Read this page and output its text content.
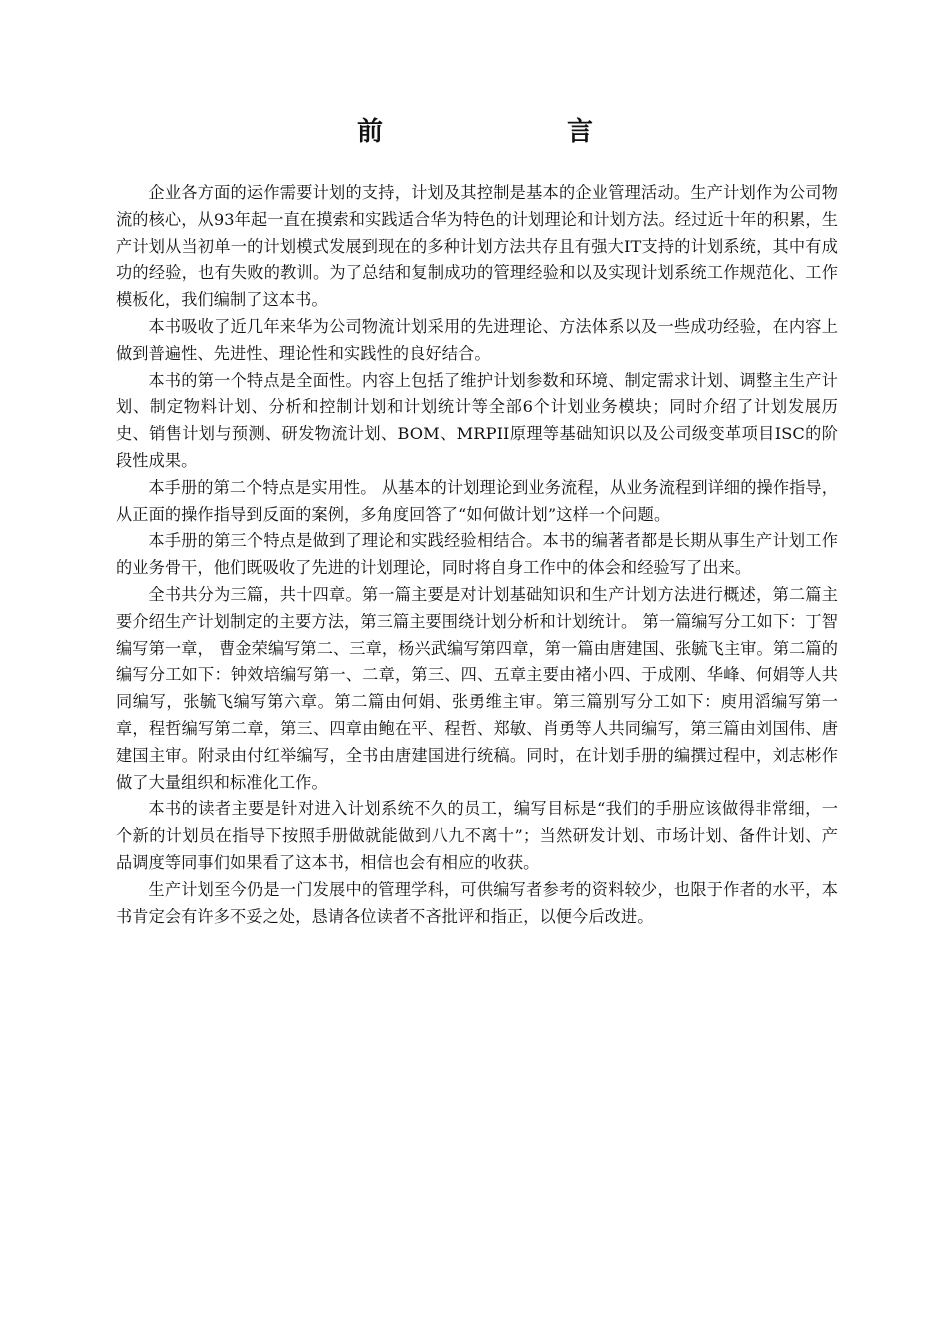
前	言

企业各方面的运作需要计划的支持，计划及其控制是基本的企业管理活动。生产计划作为公司物流的核心，从93年起一直在摸索和实践适合华为特色的计划理论和计划方法。经过近十年的积累，生产计划从当初单一的计划模式发展到现在的多种计划方法共存且有强大IT支持的计划系统，其中有成功的经验，也有失败的教训。为了总结和复制成功的管理经验和以及实现计划系统工作规范化、工作模板化，我们编制了这本书。

本书吸收了近几年来华为公司物流计划采用的先进理论、方法体系以及一些成功经验，在内容上做到普遍性、先进性、理论性和实践性的良好结合。

本书的第一个特点是全面性。内容上包括了维护计划参数和环境、制定需求计划、调整主生产计划、制定物料计划、分析和控制计划和计划统计等全部6个计划业务模块；同时介绍了计划发展历史、销售计划与预测、研发物流计划、BOM、MRPII原理等基础知识以及公司级变革项目ISC的阶段性成果。

本手册的第二个特点是实用性。 从基本的计划理论到业务流程，从业务流程到详细的操作指导，从正面的操作指导到反面的案例，多角度回答了“如何做计划”这样一个问题。

本手册的第三个特点是做到了理论和实践经验相结合。本书的编著者都是长期从事生产计划工作的业务骨干，他们既吸收了先进的计划理论，同时将自身工作中的体会和经验写了出来。

全书共分为三篇，共十四章。第一篇主要是对计划基础知识和生产计划方法进行概述，第二篇主要介绍生产计划制定的主要方法，第三篇主要围绕计划分析和计划统计。 第一篇编写分工如下：丁智编写第一章， 曹金荣编写第二、三章，杨兴武编写第四章，第一篇由唐建国、张毓飞主审。第二篇的编写分工如下：钟效培编写第一、二章，第三、四、五章主要由褚小四、于成刚、华峰、何娟等人共同编写，张毓飞编写第六章。第二篇由何娟、张勇维主审。第三篇别写分工如下：庾用滔编写第一章，程哲编写第二章，第三、四章由鲍在平、程哲、郑敏、肖勇等人共同编写，第三篇由刘国伟、唐建国主审。附录由付红举编写，全书由唐建国进行统稿。同时，在计划手册的编撰过程中，刘志彬作做了大量组织和标准化工作。

本书的读者主要是针对进入计划系统不久的员工，编写目标是“我们的手册应该做得非常细，一个新的计划员在指导下按照手册做就能做到八九不离十”；当然研发计划、市场计划、备件计划、产品调度等同事们如果看了这本书，相信也会有相应的收获。

生产计划至今仍是一门发展中的管理学科，可供编写者参考的资料较少，也限于作者的水平，本书肯定会有许多不妥之处，恳请各位读者不吝批评和指正，以便今后改进。
